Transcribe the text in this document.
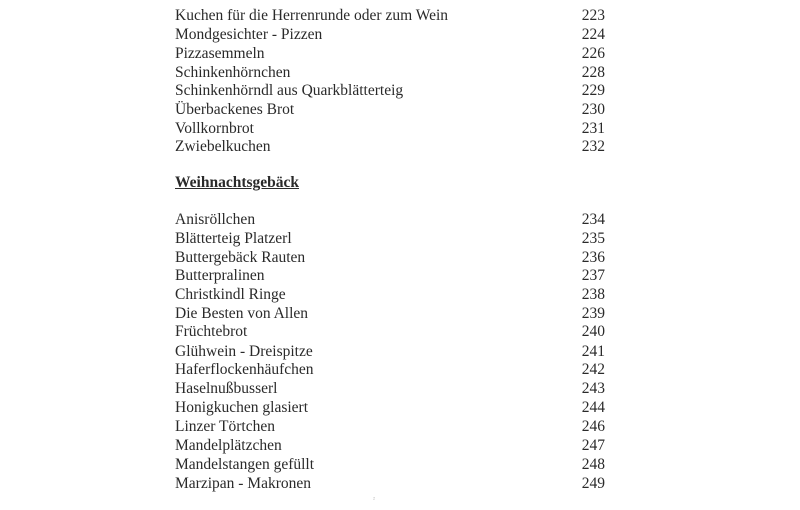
Kuchen für die Herrenrunde oder zum Wein	223
Mondgesichter - Pizzen	224
Pizzasemmeln	226
Schinkenhörnchen	228
Schinkenhörndl aus Quarkblätterteig	229
Überbackenes Brot	230
Vollkornbrot	231
Zwiebelkuchen	232
Weihnachtsgebäck
Anisröllchen	234
Blätterteig Platzerl	235
Buttergebäck Rauten	236
Butterpralinen	237
Christkindl Ringe	238
Die Besten von Allen	239
Früchtebrot	240
Glühwein - Dreispitze	241
Haferflockenhäufchen	242
Haselnußbusserl	243
Honigkuchen glasiert	244
Linzer Törtchen	246
Mandelplätzchen	247
Mandelstangen gefüllt	248
Marzipan - Makronen	249
²
